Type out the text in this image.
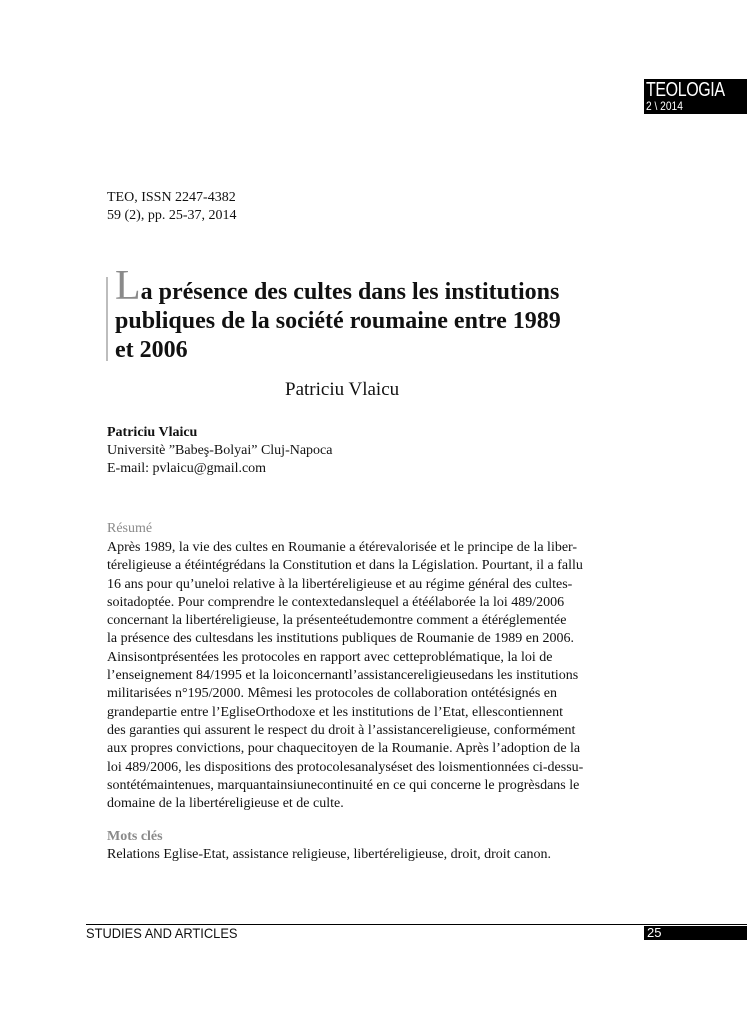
TEOLOGIA
2 \ 2014
TEO, ISSN 2247-4382
59 (2), pp. 25-37, 2014
La présence des cultes dans les institutions
publiques de la société roumaine entre 1989
et 2006
Patriciu Vlaicu
Patriciu Vlaicu
Universitè ”Babeş-Bolyai” Cluj-Napoca
E-mail: pvlaicu@gmail.com
Résumé
Après 1989, la vie des cultes en Roumanie a étérevalorisée et le principe de la liber-
téreligieuse a étéintégrédans la Constitution et dans la Législation. Pourtant, il a fallu
16 ans pour qu’uneloi relative à la libertéreligieuse et au régime général des cultes-
soitadoptée. Pour comprendre le contextedanslequel a étéélaborée la loi 489/2006
concernant la libertéreligieuse, la présenteétudemontre comment a étéréglementée
la présence des cultesdans les institutions publiques de Roumanie de 1989 en 2006.
Ainsisontprésentées les protocoles en rapport avec cetteproblématique, la loi de
l’enseignement 84/1995 et la loiconcernantl’assistancereligieusedans les institutions
militarisées n°195/2000. Mêmesi les protocoles de collaboration ontétésignés en
grandepartie entre l’EgliseOrthodoxe et les institutions de l’Etat, ellescontiennent
des garanties qui assurent le respect du droit à l’assistancereligieuse, conformément
aux propres convictions, pour chaquecitoyen de la Roumanie. Après l’adoption de la
loi 489/2006, les dispositions des protocolesanalyséset des loismentionnées ci-dessu-
sontétémaintenues, marquantainsiunecontinuité en ce qui concerne le progrèsdans le
domaine de la libertéreligieuse et de culte.
Mots clés
Relations Eglise-Etat, assistance religieuse, libertéreligieuse, droit, droit canon.
STUDIES AND ARTICLES	25
